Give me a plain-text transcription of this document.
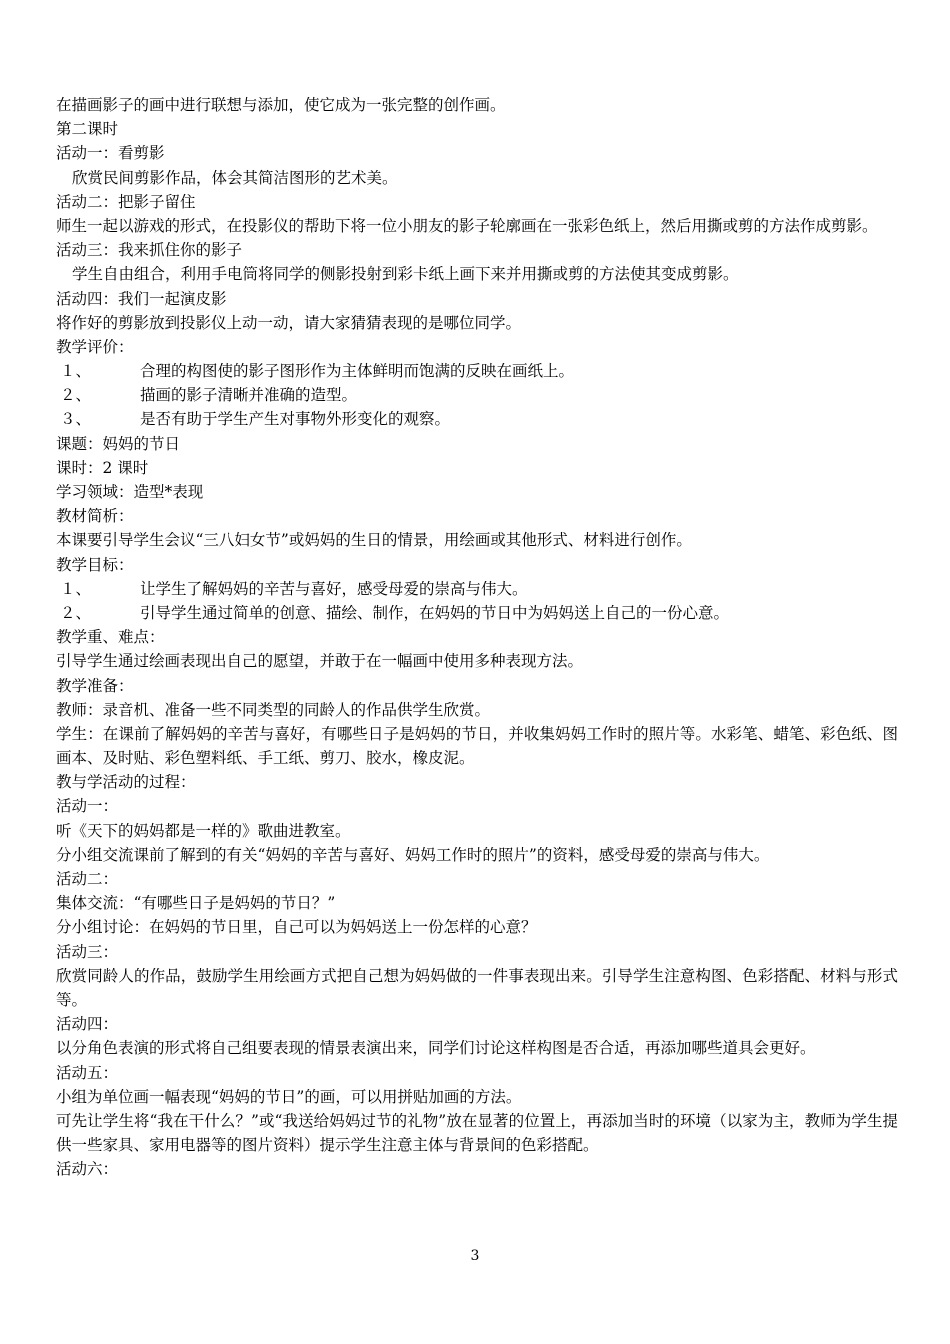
在描画影子的画中进行联想与添加，使它成为一张完整的创作画。
第二课时
活动一：看剪影
欣赏民间剪影作品，体会其简洁图形的艺术美。
活动二：把影子留住
师生一起以游戏的形式，在投影仪的帮助下将一位小朋友的影子轮廓画在一张彩色纸上，然后用撕或剪的方法作成剪影。
活动三：我来抓住你的影子
学生自由组合，利用手电筒将同学的侧影投射到彩卡纸上画下来并用撕或剪的方法使其变成剪影。
活动四：我们一起演皮影
将作好的剪影放到投影仪上动一动，请大家猜猜表现的是哪位同学。
教学评价：
１、	合理的构图使的影子图形作为主体鲜明而饱满的反映在画纸上。
２、	描画的影子清晰并准确的造型。
３、	是否有助于学生产生对事物外形变化的观察。
课题：妈妈的节日
课时：2 课时
学习领域：造型*表现
教材简析：
本课要引导学生会议“三八妇女节”或妈妈的生日的情景，用绘画或其他形式、材料进行创作。
教学目标：
１、	让学生了解妈妈的辛苦与喜好，感受母爱的崇高与伟大。
２、	引导学生通过简单的创意、描绘、制作，在妈妈的节日中为妈妈送上自己的一份心意。
教学重、难点：
引导学生通过绘画表现出自己的愿望，并敢于在一幅画中使用多种表现方法。
教学准备：
教师：录音机、准备一些不同类型的同龄人的作品供学生欣赏。
学生：在课前了解妈妈的辛苦与喜好，有哪些日子是妈妈的节日，并收集妈妈工作时的照片等。水彩笔、蜡笔、彩色纸、图画本、及时贴、彩色塑料纸、手工纸、剪刀、胶水，橡皮泥。
教与学活动的过程：
活动一：
听《天下的妈妈都是一样的》歌曲进教室。
分小组交流课前了解到的有关“妈妈的辛苦与喜好、妈妈工作时的照片”的资料，感受母爱的崇高与伟大。
活动二：
集体交流：“有哪些日子是妈妈的节日？”
分小组讨论：在妈妈的节日里，自己可以为妈妈送上一份怎样的心意？
活动三：
欣赏同龄人的作品，鼓励学生用绘画方式把自己想为妈妈做的一件事表现出来。引导学生注意构图、色彩搭配、材料与形式等。
活动四：
以分角色表演的形式将自己组要表现的情景表演出来，同学们讨论这样构图是否合适，再添加哪些道具会更好。
活动五：
小组为单位画一幅表现“妈妈的节日”的画，可以用拼贴加画的方法。
可先让学生将“我在干什么？”或“我送给妈妈过节的礼物”放在显著的位置上，再添加当时的环境（以家为主，教师为学生提供一些家具、家用电器等的图片资料）提示学生注意主体与背景间的色彩搭配。
活动六：
3
